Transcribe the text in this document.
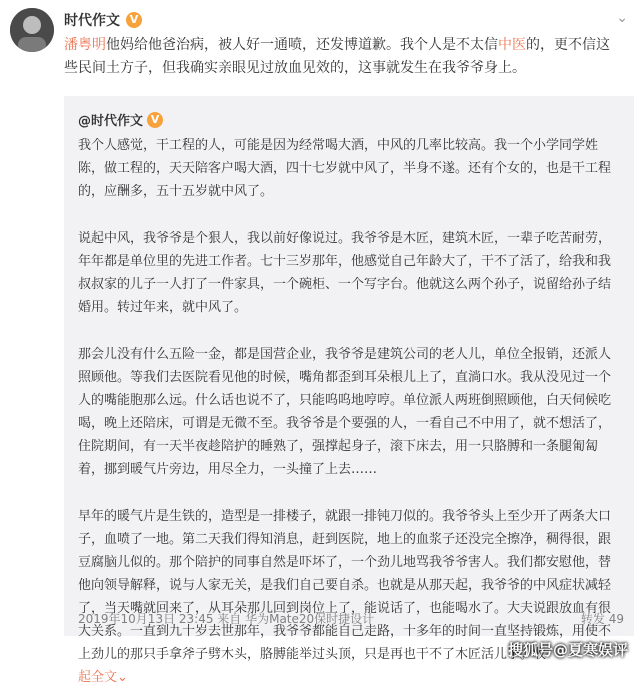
时代作文 V	⌄
潘粤明他妈给他爸治病，被人好一通喷，还发博道歉。我个人是不太信中医的，更不信这些民间土方子，但我确实亲眼见过放血见效的，这事就发生在我爷爷身上。
@时代作文 V

我个人感觉，干工程的人，可能是因为经常喝大酒，中风的几率比较高。我一个小学同学姓陈，做工程的，天天陪客户喝大酒，四十七岁就中风了，半身不遂。还有个女的，也是干工程的，应酬多，五十五岁就中风了。

说起中风，我爷爷是个狠人，我以前好像说过。我爷爷是木匠，建筑木匠，一辈子吃苦耐劳，年年都是单位里的先进工作者。七十三岁那年，他感觉自己年龄大了，干不了活了，给我和我叔叔家的儿子一人打了一件家具，一个碗柜、一个写字台。他就这么两个孙子，说留给孙子结婚用。转过年来，就中风了。

那会儿没有什么五险一金，都是国营企业，我爷爷是建筑公司的老人儿，单位全报销，还派人照顾他。等我们去医院看见他的时候，嘴角都歪到耳朵根儿上了，直淌口水。我从没见过一个人的嘴能胞那么远。什么话也说不了，只能呜呜地哼哼。单位派人两班倒照顾他，白天伺候吃喝，晚上还陪床，可谓是无微不至。我爷爷是个要强的人，一看自己不中用了，就不想活了，住院期间，有一天半夜趁陪护的睡熟了，强撑起身子，滚下床去，用一只胳膊和一条腿匍匐着，挪到暖气片旁边，用尽全力，一头撞了上去……

早年的暖气片是生铁的，造型是一排楼子，就跟一排钝刀似的。我爷爷头上至少开了两条大口子，血喷了一地。第二天我们得知消息，赶到医院，地上的血浆子还没完全擦净，稠得很，跟豆腐脑儿似的。那个陪护的同事自然是吓坏了，一个劲儿地骂我爷爷害人。我们都安慰他，替他向领导解释，说与人家无关，是我们自己要自杀。也就是从那天起，我爷爷的中风症状减轻了，当天嘴就回来了，从耳朵那儿回到岗位上了，能说话了，也能喝水了。大夫说跟放血有很大关系。一直到九十岁去世那年，我爷爷都能自己走路，十多年的时间一直坚持锻炼，用使不上劲儿的那只手拿斧子劈木头，胳膊能举过头顶，只是再也干不了木匠活儿了。收
起全文⌄

2019年10月13日 23:45 来自 华为Mate20保时捷设计	转发 49
搜狐号@夏寒娱评
